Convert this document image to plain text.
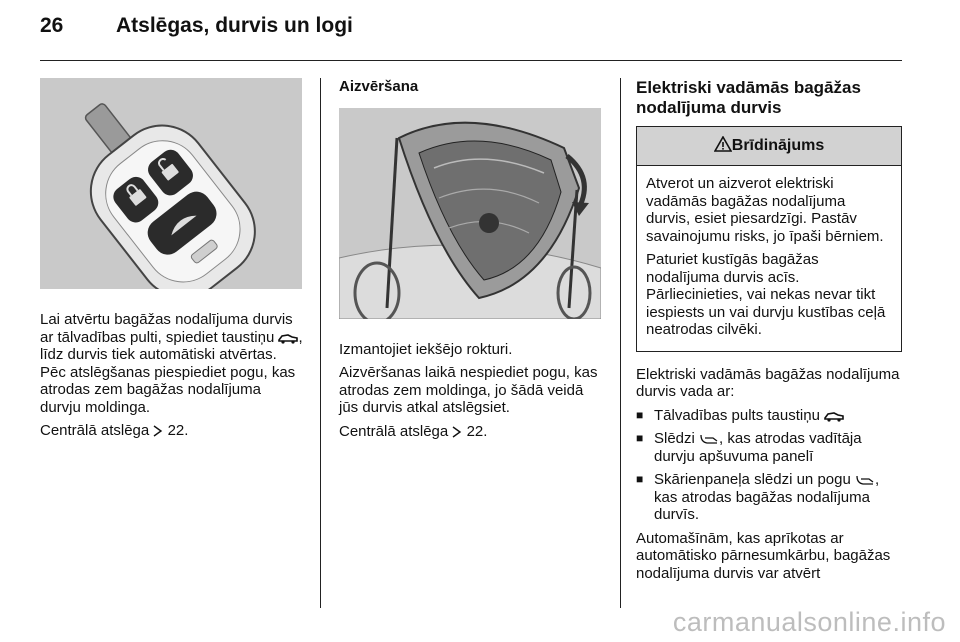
26	Atslēgas, durvis un logi

Lai atvērtu bagāžas nodalījuma durvis ar tālvadības pulti, spiediet taustiņu , līdz durvis tiek automātiski atvērtas. Pēc atslēgšanas piespiediet pogu, kas atrodas zem bagāžas nodalījuma durvju moldinga.

Centrālā atslēga  22.

Aizvēršana

Izmantojiet iekšējo rokturi.

Aizvēršanas laikā nespiediet pogu, kas atrodas zem moldinga, jo šādā veidā jūs durvis atkal atslēgsiet.

Centrālā atslēga  22.

Elektriski vadāmās bagāžas nodalījuma durvis
Brīdinājums

Atverot un aizverot elektriski vadāmās bagāžas nodalījuma durvis, esiet piesardzīgi. Pastāv savainojumu risks, jo īpaši bērniem.

Paturiet kustīgās bagāžas nodalījuma durvis acīs. Pārliecinieties, vai nekas nevar tikt iespiests un vai durvju kustības ceļā neatrodas cilvēki.

Elektriski vadāmās bagāžas nodalījuma durvis vada ar:

■ Tālvadības pults taustiņu
■ Slēdzi , kas atrodas vadītāja durvju apšuvuma panelī
■ Skārienpaneļa slēdzi un pogu , kas atrodas bagāžas nodalījuma durvīs.

Automašīnām, kas aprīkotas ar automātisko pārnesumkārbu, bagāžas nodalījuma durvis var atvērt

carmanualsonline.info
